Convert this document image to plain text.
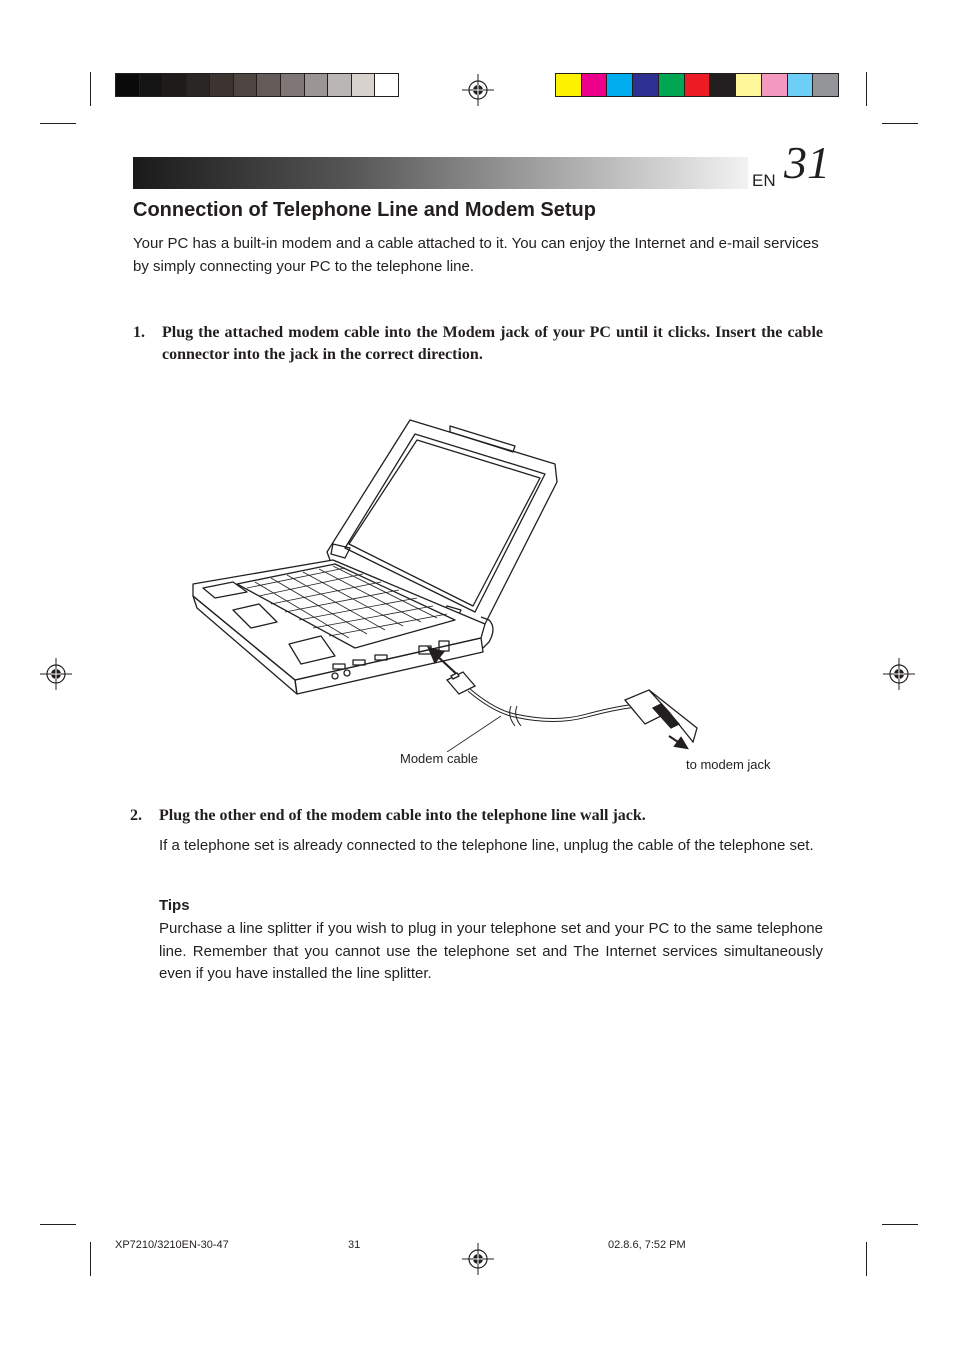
EN 31
Connection of Telephone Line and Modem Setup
Your PC has a built-in modem and a cable attached to it. You can enjoy the Internet and e-mail services by simply connecting your PC to the telephone line.
1. Plug the attached modem cable into the Modem jack of your PC until it clicks. Insert the cable connector into the jack in the correct direction.
Modem cable	to modem jack
2. Plug the other end of the modem cable into the telephone line wall jack.
If a telephone set is already connected to the telephone line, unplug the cable of the telephone set.
Tips
Purchase a line splitter if you wish to plug in your telephone set and your PC to the same telephone line. Remember that you cannot use the telephone set and The Internet services simultaneously even if you have installed the line splitter.
XP7210/3210EN-30-47	31	02.8.6, 7:52 PM
